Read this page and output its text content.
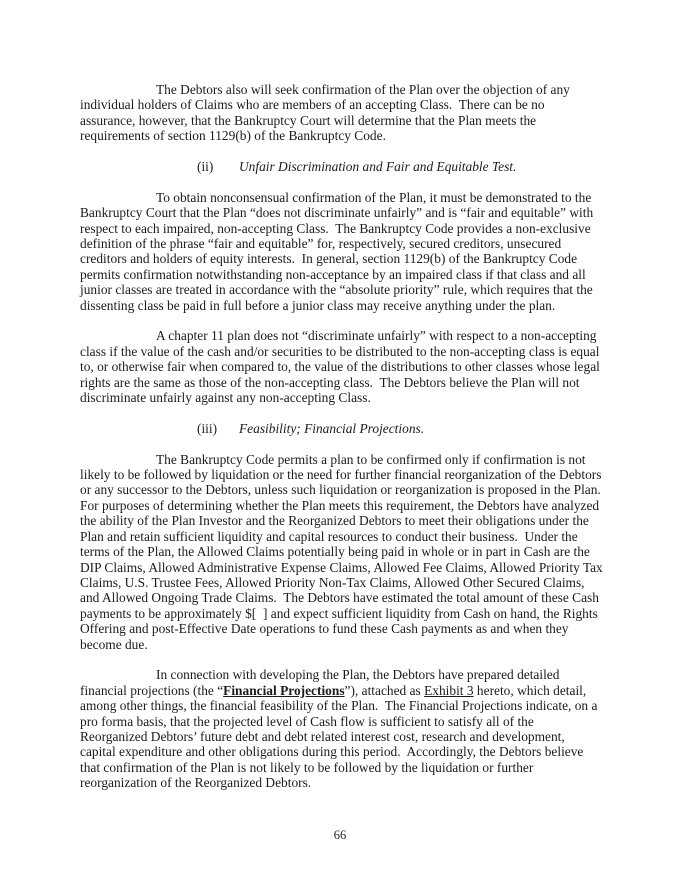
The Debtors also will seek confirmation of the Plan over the objection of any individual holders of Claims who are members of an accepting Class.  There can be no assurance, however, that the Bankruptcy Court will determine that the Plan meets the requirements of section 1129(b) of the Bankruptcy Code.

(ii) Unfair Discrimination and Fair and Equitable Test.

To obtain nonconsensual confirmation of the Plan, it must be demonstrated to the Bankruptcy Court that the Plan “does not discriminate unfairly” and is “fair and equitable” with respect to each impaired, non-accepting Class.  The Bankruptcy Code provides a non-exclusive definition of the phrase “fair and equitable” for, respectively, secured creditors, unsecured creditors and holders of equity interests.  In general, section 1129(b) of the Bankruptcy Code permits confirmation notwithstanding non-acceptance by an impaired class if that class and all junior classes are treated in accordance with the “absolute priority” rule, which requires that the dissenting class be paid in full before a junior class may receive anything under the plan.

A chapter 11 plan does not “discriminate unfairly” with respect to a non-accepting class if the value of the cash and/or securities to be distributed to the non-accepting class is equal to, or otherwise fair when compared to, the value of the distributions to other classes whose legal rights are the same as those of the non-accepting class.  The Debtors believe the Plan will not discriminate unfairly against any non-accepting Class.

(iii) Feasibility; Financial Projections.

The Bankruptcy Code permits a plan to be confirmed only if confirmation is not likely to be followed by liquidation or the need for further financial reorganization of the Debtors or any successor to the Debtors, unless such liquidation or reorganization is proposed in the Plan.  For purposes of determining whether the Plan meets this requirement, the Debtors have analyzed the ability of the Plan Investor and the Reorganized Debtors to meet their obligations under the Plan and retain sufficient liquidity and capital resources to conduct their business.  Under the terms of the Plan, the Allowed Claims potentially being paid in whole or in part in Cash are the DIP Claims, Allowed Administrative Expense Claims, Allowed Fee Claims, Allowed Priority Tax Claims, U.S. Trustee Fees, Allowed Priority Non-Tax Claims, Allowed Other Secured Claims, and Allowed Ongoing Trade Claims.  The Debtors have estimated the total amount of these Cash payments to be approximately $[  ] and expect sufficient liquidity from Cash on hand, the Rights Offering and post-Effective Date operations to fund these Cash payments as and when they become due.

In connection with developing the Plan, the Debtors have prepared detailed financial projections (the “Financial Projections”), attached as Exhibit 3 hereto, which detail, among other things, the financial feasibility of the Plan.  The Financial Projections indicate, on a pro forma basis, that the projected level of Cash flow is sufficient to satisfy all of the Reorganized Debtors’ future debt and debt related interest cost, research and development, capital expenditure and other obligations during this period.  Accordingly, the Debtors believe that confirmation of the Plan is not likely to be followed by the liquidation or further reorganization of the Reorganized Debtors.

66
